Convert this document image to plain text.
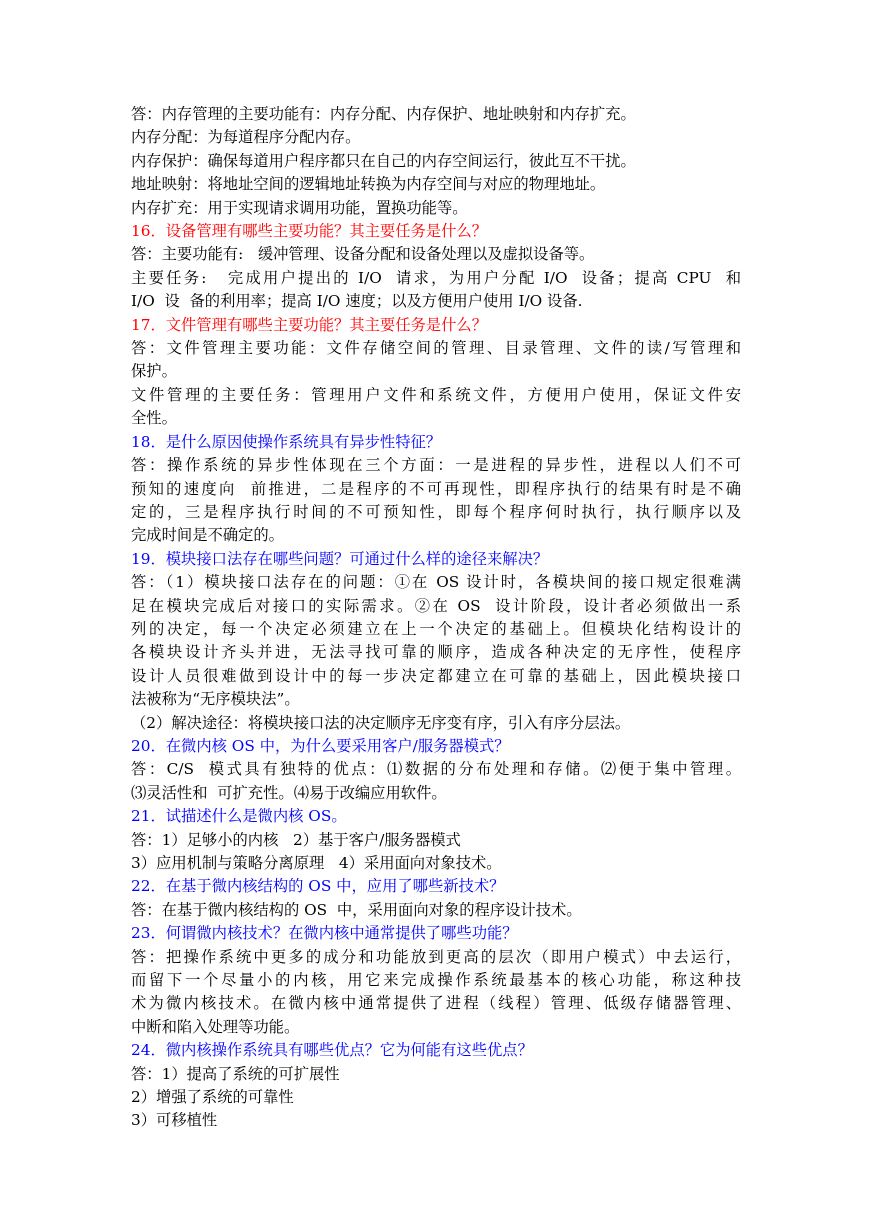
答：内存管理的主要功能有：内存分配、内存保护、地址映射和内存扩充。
内存分配：为每道程序分配内存。
内存保护：确保每道用户程序都只在自己的内存空间运行，彼此互不干扰。
地址映射：将地址空间的逻辑地址转换为内存空间与对应的物理地址。
内存扩充：用于实现请求调用功能，置换功能等。
16．设备管理有哪些主要功能？其主要任务是什么？
答：主要功能有:   缓冲管理、设备分配和设备处理以及虚拟设备等。
主要任务:   完成用户提出的 I/O  请求，为用户分配 I/O  设备；提高 CPU  和
I/O  设  备的利用率；提高 I/O 速度；以及方便用户使用 I/O 设备.
17．文件管理有哪些主要功能？其主要任务是什么？
答：文件管理主要功能：文件存储空间的管理、目录管理、文件的读/写管理和
保护。
文件管理的主要任务：管理用户文件和系统文件，方便用户使用，保证文件安
全性。
18．是什么原因使操作系统具有异步性特征？
答：操作系统的异步性体现在三个方面：一是进程的异步性，进程以人们不可
预知的速度向  前推进，二是程序的不可再现性，即程序执行的结果有时是不确
定的，三是程序执行时间的不可预知性，即每个程序何时执行，执行顺序以及
完成时间是不确定的。
19．模块接口法存在哪些问题？可通过什么样的途径来解决？
答：（1）模块接口法存在的问题：①在 OS 设计时，各模块间的接口规定很难满
足在模块完成后对接口的实际需求。②在 OS  设计阶段，设计者必须做出一系
列的决定，每一个决定必须建立在上一个决定的基础上。但模块化结构设计的
各模块设计齐头并进，无法寻找可靠的顺序，造成各种决定的无序性，使程序
设计人员很难做到设计中的每一步决定都建立在可靠的基础上，因此模块接口
法被称为“无序模块法”。
（2）解决途径：将模块接口法的决定顺序无序变有序，引入有序分层法。
20．在微内核 OS 中，为什么要采用客户/服务器模式？
答：C/S  模式具有独特的优点：⑴数据的分布处理和存储。⑵便于集中管理。
⑶灵活性和  可扩充性。⑷易于改编应用软件。
21．试描述什么是微内核 OS。
答：1）足够小的内核   2）基于客户/服务器模式
3）应用机制与策略分离原理   4）采用面向对象技术。
22．在基于微内核结构的 OS 中，应用了哪些新技术？
答：在基于微内核结构的 OS  中，采用面向对象的程序设计技术。
23．何谓微内核技术？在微内核中通常提供了哪些功能？
答：把操作系统中更多的成分和功能放到更高的层次（即用户模式）中去运行，
而留下一个尽量小的内核，用它来完成操作系统最基本的核心功能，称这种技
术为微内核技术。在微内核中通常提供了进程（线程）管理、低级存储器管理、
中断和陷入处理等功能。
24．微内核操作系统具有哪些优点？它为何能有这些优点？
答：1）提高了系统的可扩展性
2）增强了系统的可靠性
3）可移植性
